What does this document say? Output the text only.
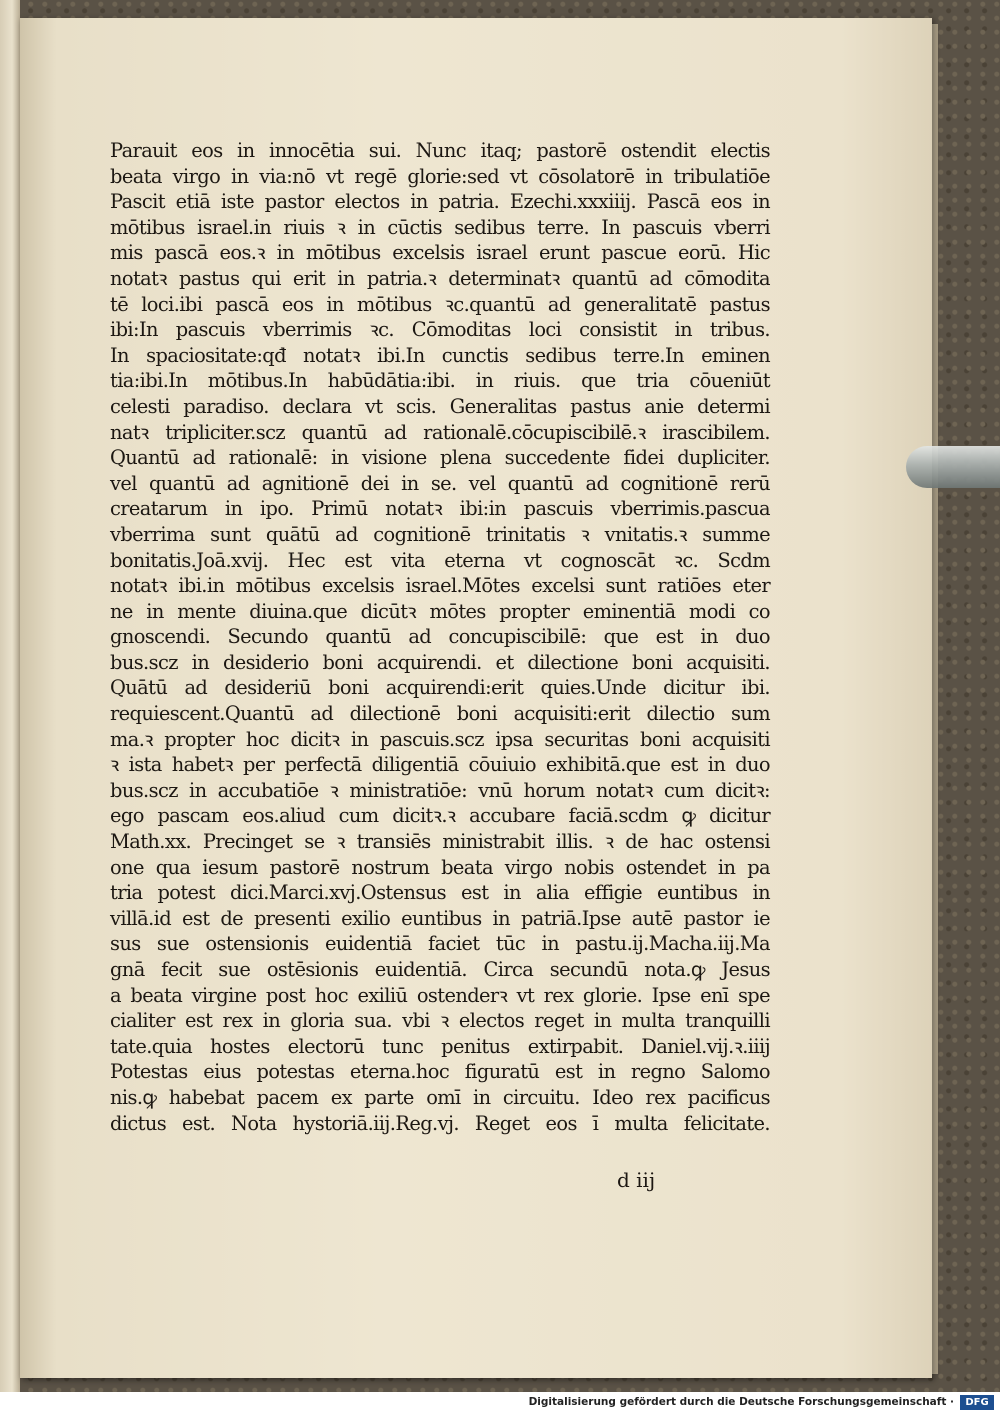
Parauit eos in innocētia sui. Nunc itaq; pastorē ostendit electis
beata virgo in via:nō vt regē glorie:sed vt cōsolatorē in tribulatiōe
Pascit etiā iste pastor electos in patria. Ezechi.xxxiiij. Pascā eos in
mōtibus israel.in riuis ꝛ in cūctis sedibus terre. In pascuis vberri
mis pascā eos.ꝛ in mōtibus excelsis israel erunt pascue eorū. Hic
notatꝛ pastus qui erit in patria.ꝛ determinatꝛ quantū ad cōmodita
tē loci.ibi pascā eos in mōtibus ꝛc.quantū ad generalitatē pastus
ibi:In pascuis vberrimis ꝛc. Cōmoditas loci consistit in tribus.
In spaciositate:qđ notatꝛ ibi.In cunctis sedibus terre.In eminen
tia:ibi.In mōtibus.In habūdātia:ibi. in riuis. que tria cōueniūt
celesti paradiso. declara vt scis. Generalitas pastus anie determi
natꝛ tripliciter.scz quantū ad rationalē.cōcupiscibilē.ꝛ irascibilem.
Quantū ad rationalē: in visione plena succedente fidei dupliciter.
vel quantū ad agnitionē dei in se. vel quantū ad cognitionē rerū
creatarum in ipo. Primū notatꝛ ibi:in pascuis vberrimis.pascua
vberrima sunt quātū ad cognitionē trinitatis ꝛ vnitatis.ꝛ summe
bonitatis.Joā.xvij. Hec est vita eterna vt cognoscāt ꝛc. Scdm
notatꝛ ibi.in mōtibus excelsis israel.Mōtes excelsi sunt ratiōes eter
ne in mente diuina.que dicūtꝛ mōtes propter eminentiā modi co
gnoscendi. Secundo quantū ad concupiscibilē: que est in duo
bus.scz in desiderio boni acquirendi. et dilectione boni acquisiti.
Quātū ad desideriū boni acquirendi:erit quies.Unde dicitur ibi.
requiescent.Quantū ad dilectionē boni acquisiti:erit dilectio sum
ma.ꝛ propter hoc dicitꝛ in pascuis.scz ipsa securitas boni acquisiti
ꝛ ista habetꝛ per perfectā diligentiā cōuiuio exhibitā.que est in duo
bus.scz in accubatiōe ꝛ ministratiōe: vnū horum notatꝛ cum dicitꝛ:
ego pascam eos.aliud cum dicitꝛ.ꝛ accubare faciā.scdm ꝙ dicitur
Math.xx. Precinget se ꝛ transiēs ministrabit illis. ꝛ de hac ostensi
one qua iesum pastorē nostrum beata virgo nobis ostendet in pa
tria potest dici.Marci.xvj.Ostensus est in alia effigie euntibus in
villā.id est de presenti exilio euntibus in patriā.Ipse autē pastor ie
sus sue ostensionis euidentiā faciet tūc in pastu.ij.Macha.iij.Ma
gnā fecit sue ostēsionis euidentiā. Circa secundū nota.ꝙ Jesus
a beata virgine post hoc exiliū ostenderꝛ vt rex glorie. Ipse enī spe
cialiter est rex in gloria sua. vbi ꝛ electos reget in multa tranquilli
tate.quia hostes electorū tunc penitus extirpabit. Daniel.vij.ꝛ.iiij
Potestas eius potestas eterna.hoc figuratū est in regno Salomo
nis.ꝙ habebat pacem ex parte omī in circuitu. Ideo rex pacificus
dictus est. Nota hystoriā.iij.Reg.vj. Reget eos ī multa felicitate.
d iij
Digitalisierung gefördert durch die Deutsche Forschungsgemeinschaft ·	DFG
